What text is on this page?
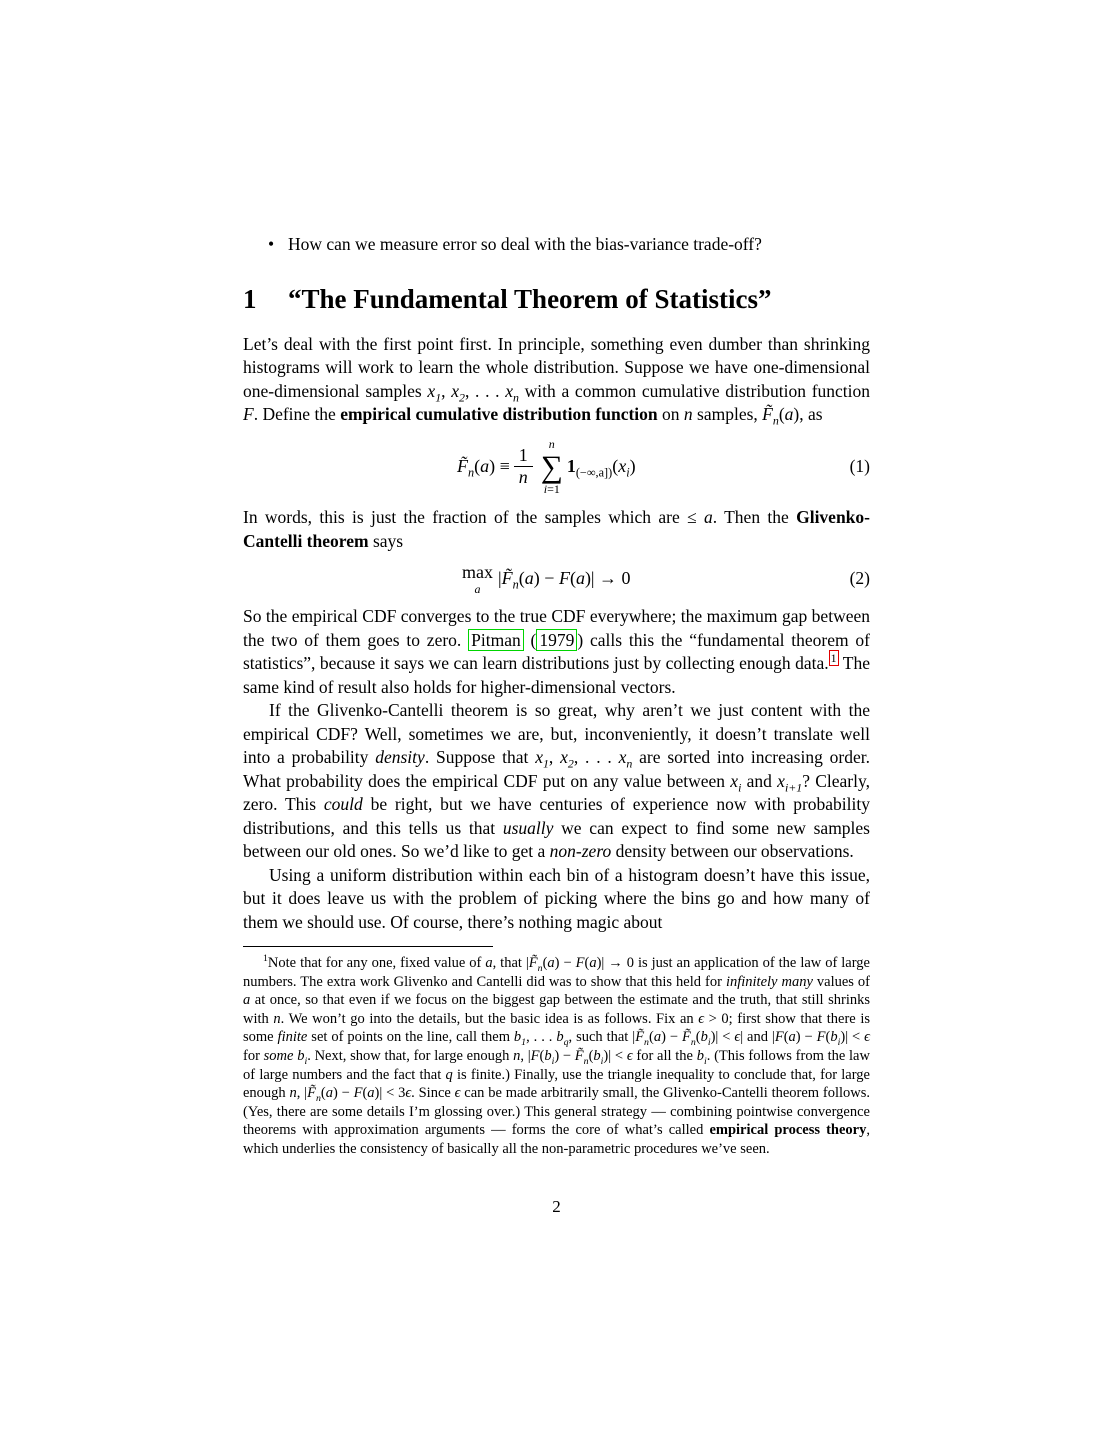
• How can we measure error so deal with the bias-variance trade-off?
1	“The Fundamental Theorem of Statistics”

Let’s deal with the first point first. In principle, something even dumber than shrinking histograms will work to learn the whole distribution. Suppose we have one-dimensional one-dimensional samples $x_1$, $x_2$, . . . $x_n$ with a common cumulative distribution function F. Define the empirical cumulative distribution function on n samples, $F̃_n(a)$, as

$F̃_n(a) \equiv \frac{1}{n}$
n
∑
i=1
$1_{(-\infty,a])}(x_i)$	(1)

In words, this is just the fraction of the samples which are ≤ a. Then the Glivenko-Cantelli theorem says

max
a
$|F̃_n(a) - F(a)| \to 0$	(2)

So the empirical CDF converges to the true CDF everywhere; the maximum gap between the two of them goes to zero. Pitman ( 1979 ) calls this the “fundamental theorem of statistics”, because it says we can learn distributions just by collecting enough data. $^1$ The same kind of result also holds for higher-dimensional vectors.

If the Glivenko-Cantelli theorem is so great, why aren’t we just content with the empirical CDF? Well, sometimes we are, but, inconveniently, it doesn’t translate well into a probability density. Suppose that $x_1$, $x_2$, . . . $x_n$ are sorted into increasing order. What probability does the empirical CDF put on any value between $x_i$ and $x_{i+1}$? Clearly, zero. This could be right, but we have centuries of experience now with probability distributions, and this tells us that usually we can expect to find some new samples between our old ones. So we’d like to get a non-zero density between our observations.

Using a uniform distribution within each bin of a histogram doesn’t have this issue, but it does leave us with the problem of picking where the bins go and how many of them we should use. Of course, there’s nothing magic about

$^1$Note that for any one, fixed value of a, that $|F̃_n(a) - F(a)| \to 0$ is just an application of the law of large numbers. The extra work Glivenko and Cantelli did was to show that this held for infinitely many values of a at once, so that even if we focus on the biggest gap between the estimate and the truth, that still shrinks with n. We won’t go into the details, but the basic idea is as follows. Fix an ϵ > 0; first show that there is some finite set of points on the line, call them $b_1$, . . . $b_q$, such that $|F̃_n(a)$ − $F̃_n(b_i)| < \epsilon|$ and $|F(a) - F(b_i)| < \epsilon$ for some $b_i$. Next, show that, for large enough n, $|F(b_i)$ − $F̃_n(b_i)| < \epsilon$ for all the $b_i$. (This follows from the law of large numbers and the fact that q is finite.) Finally, use the triangle inequality to conclude that, for large enough n, $|F̃_n(a) - F(a)| < 3\epsilon$. Since ϵ can be made arbitrarily small, the Glivenko-Cantelli theorem follows. (Yes, there are some details I’m glossing over.) This general strategy — combining pointwise convergence theorems with approximation arguments — forms the core of what’s called empirical process theory, which underlies the consistency of basically all the non-parametric procedures we’ve seen.

2
